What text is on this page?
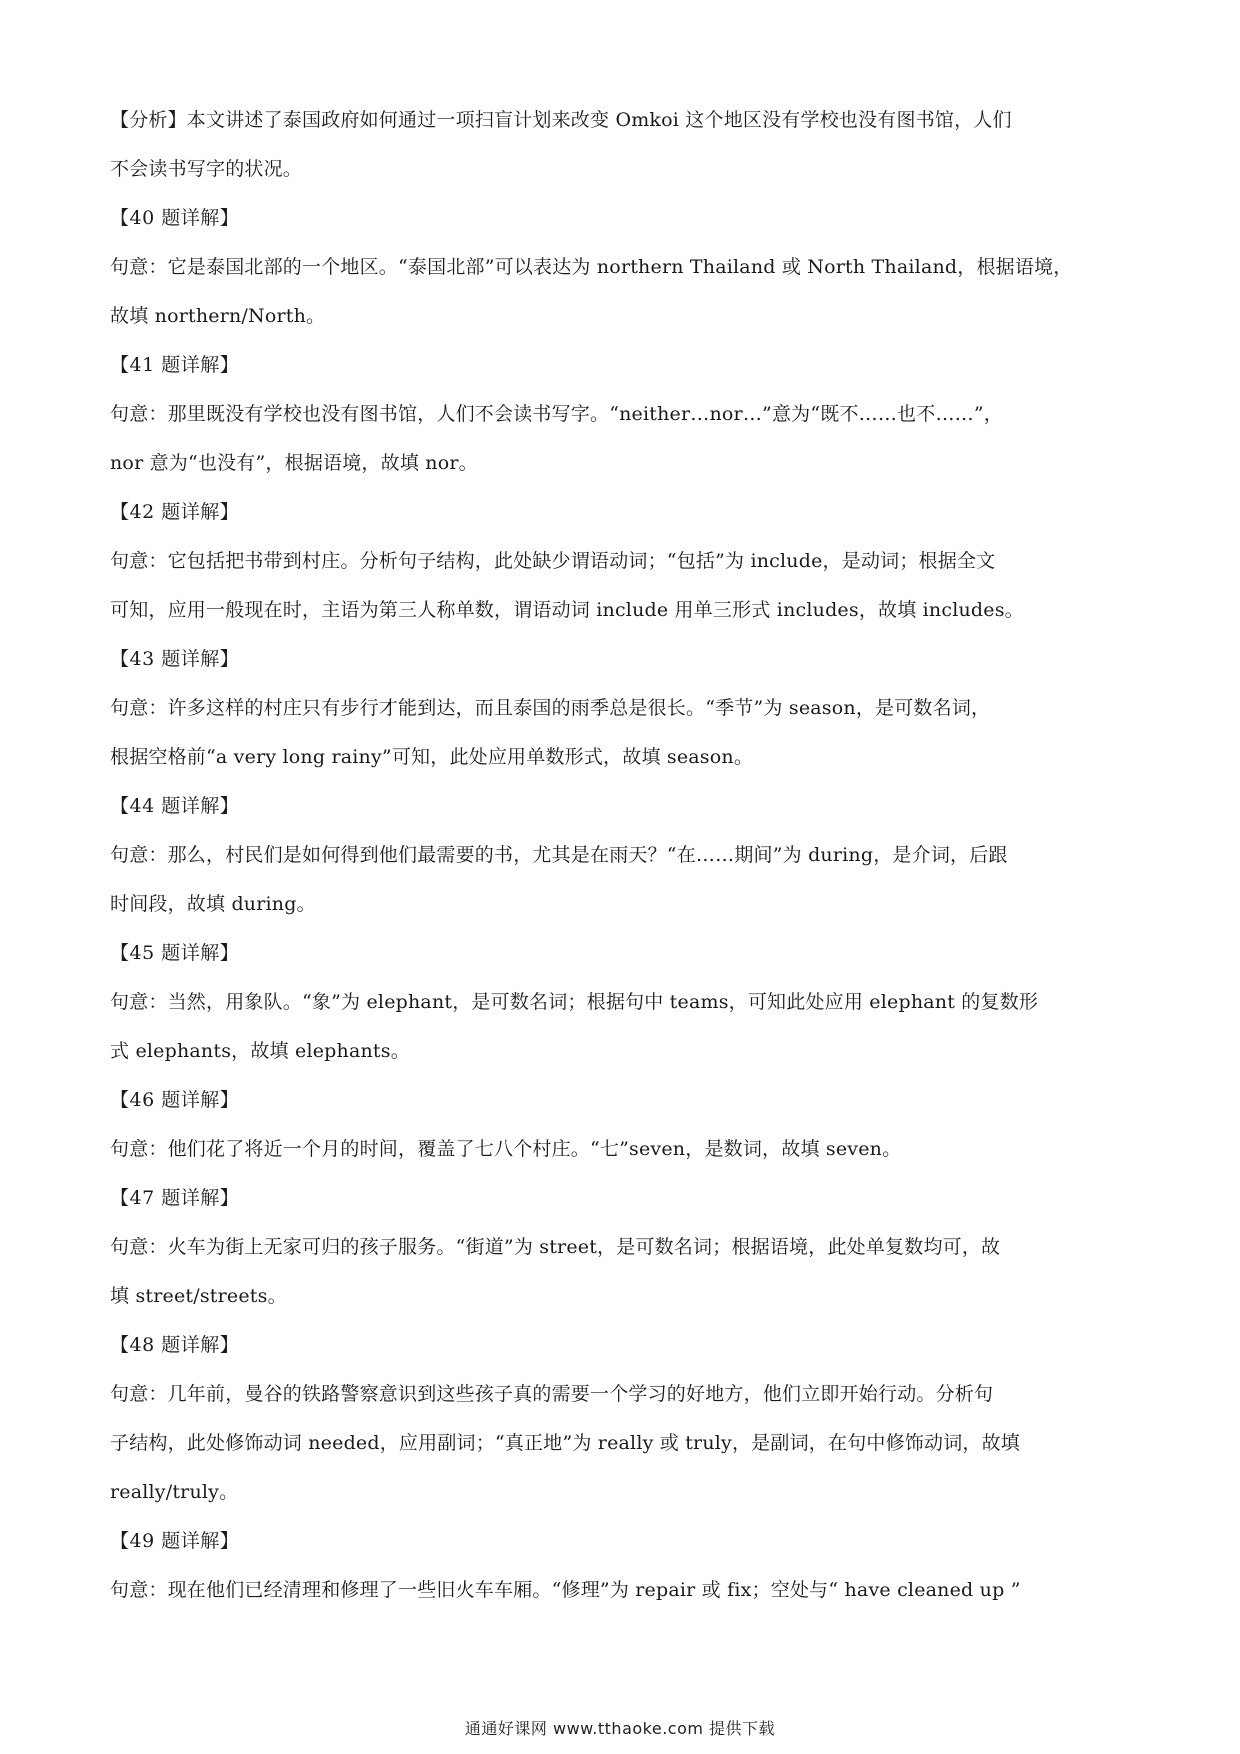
【分析】本文讲述了泰国政府如何通过一项扫盲计划来改变 Omkoi 这个地区没有学校也没有图书馆，人们

不会读书写字的状况。

【40 题详解】

句意：它是泰国北部的一个地区。“泰国北部”可以表达为 northern Thailand 或 North Thailand，根据语境，

故填 northern/North。

【41 题详解】

句意：那里既没有学校也没有图书馆，人们不会读书写字。“neither…nor…”意为“既不……也不……”，

nor 意为“也没有”，根据语境，故填 nor。

【42 题详解】

句意：它包括把书带到村庄。分析句子结构，此处缺少谓语动词；“包括”为 include，是动词；根据全文

可知，应用一般现在时，主语为第三人称单数，谓语动词 include 用单三形式 includes，故填 includes。

【43 题详解】

句意：许多这样的村庄只有步行才能到达，而且泰国的雨季总是很长。“季节”为 season，是可数名词，

根据空格前“a very long rainy”可知，此处应用单数形式，故填 season。

【44 题详解】

句意：那么，村民们是如何得到他们最需要的书，尤其是在雨天？“在……期间”为 during，是介词，后跟

时间段，故填 during。

【45 题详解】

句意：当然，用象队。“象”为 elephant，是可数名词；根据句中 teams，可知此处应用 elephant 的复数形

式 elephants，故填 elephants。

【46 题详解】

句意：他们花了将近一个月的时间，覆盖了七八个村庄。“七”seven，是数词，故填 seven。

【47 题详解】

句意：火车为街上无家可归的孩子服务。“街道”为 street，是可数名词；根据语境，此处单复数均可，故

填 street/streets。

【48 题详解】

句意：几年前，曼谷的铁路警察意识到这些孩子真的需要一个学习的好地方，他们立即开始行动。分析句

子结构，此处修饰动词 needed，应用副词；“真正地”为 really 或 truly，是副词，在句中修饰动词，故填

really/truly。

【49 题详解】

句意：现在他们已经清理和修理了一些旧火车车厢。“修理”为 repair 或 fix；空处与“ have cleaned up ”

通通好课网 www.tthaoke.com 提供下载
